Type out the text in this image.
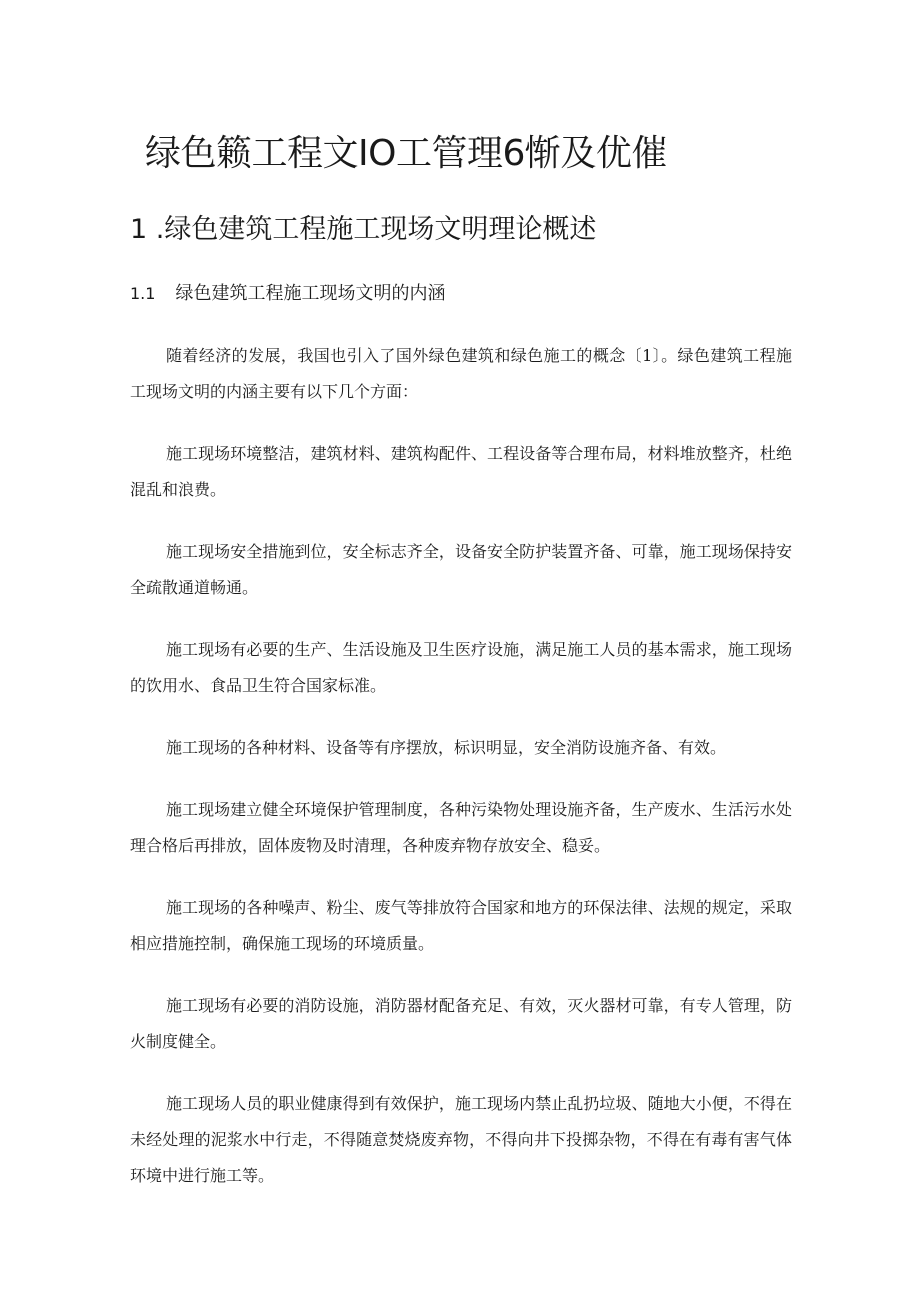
绿色籁工程文IO工管理6惭及优催
1 .绿色建筑工程施工现场文明理论概述
1.1 绿色建筑工程施工现场文明的内涵

随着经济的发展，我国也引入了国外绿色建筑和绿色施工的概念〔1〕。绿色建筑工程施工现场文明的内涵主要有以下几个方面：

施工现场环境整洁，建筑材料、建筑构配件、工程设备等合理布局，材料堆放整齐，杜绝混乱和浪费。

施工现场安全措施到位，安全标志齐全，设备安全防护装置齐备、可靠，施工现场保持安全疏散通道畅通。

施工现场有必要的生产、生活设施及卫生医疗设施，满足施工人员的基本需求，施工现场的饮用水、食品卫生符合国家标准。

施工现场的各种材料、设备等有序摆放，标识明显，安全消防设施齐备、有效。

施工现场建立健全环境保护管理制度，各种污染物处理设施齐备，生产废水、生活污水处理合格后再排放，固体废物及时清理，各种废弃物存放安全、稳妥。

施工现场的各种噪声、粉尘、废气等排放符合国家和地方的环保法律、法规的规定，采取相应措施控制，确保施工现场的环境质量。

施工现场有必要的消防设施，消防器材配备充足、有效，灭火器材可靠，有专人管理，防火制度健全。

施工现场人员的职业健康得到有效保护，施工现场内禁止乱扔垃圾、随地大小便，不得在未经处理的泥浆水中行走，不得随意焚烧废弃物，不得向井下投掷杂物，不得在有毒有害气体环境中进行施工等。
